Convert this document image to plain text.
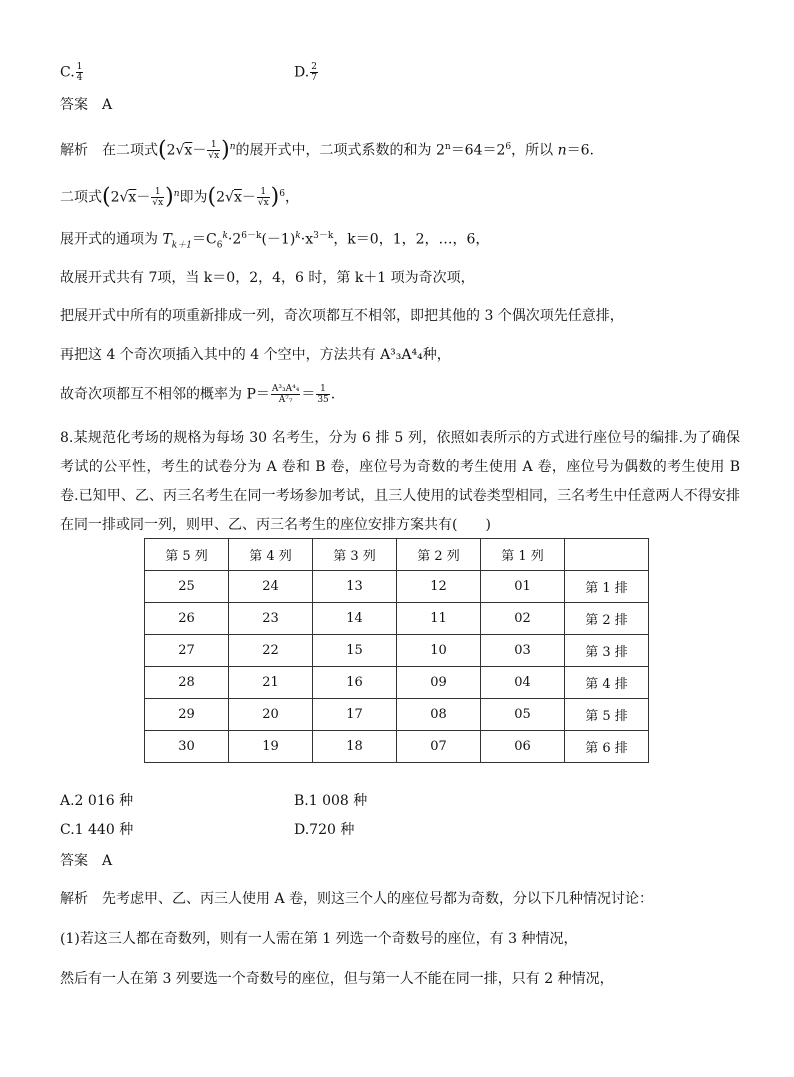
C. $\frac{1}{4}$	D. $\frac{2}{7}$
答案 A
解析 在二项式$(2√x- \frac{1}{√x} )^n$的展开式中，二项式系数的和为 $2^n=64=2^6$，所以 n＝6.
二项式$(2√x- \frac{1}{√x} )^n$即为$(2√x- \frac{1}{√x} )^6$，
展开式的通项为 $T_{k+1}=C_6^k\cdot 2^{6-k}(-1)^k\cdot x^{3-k}$，k＝0，1，2，…，6，
故展开式共有 7项，当 k＝0，2，4，6 时，第 k＋1 项为奇次项，
把展开式中所有的项重新排成一列，奇次项都互不相邻，即把其他的 3 个偶次项先任意排，
再把这 4 个奇次项插入其中的 4 个空中，方法共有 A³₃A⁴₄种，
故奇次项都互不相邻的概率为 $P= \frac{\text{A³₃A⁴₄}}{\text{A⁷₇}} = \frac{1}{35}$ .
8.某规范化考场的规格为每场 30 名考生，分为 6 排 5 列，依照如表所示的方式进行座位号的编排.为了确保考试的公平性，考生的试卷分为 A 卷和 B 卷，座位号为奇数的考生使用 A 卷，座位号为偶数的考生使用 B 卷.已知甲、乙、丙三名考生在同一考场参加考试，且三人使用的试卷类型相同，三名考生中任意两人不得安排在同一排或同一列，则甲、乙、丙三名考生的座位安排方案共有(　　)
第 5 列	第 4 列	第 3 列	第 2 列	第 1 列	
25	24	13	12	01	第 1 排
26	23	14	11	02	第 2 排
27	22	15	10	03	第 3 排
28	21	16	09	04	第 4 排
29	20	17	08	05	第 5 排
30	19	18	07	06	第 6 排
A.2 016 种	B.1 008 种
C.1 440 种	D.720 种
答案 A
解析　先考虑甲、乙、丙三人使用 A 卷，则这三个人的座位号都为奇数，分以下几种情况讨论：
(1)若这三人都在奇数列，则有一人需在第 1 列选一个奇数号的座位，有 3 种情况，
然后有一人在第 3 列要选一个奇数号的座位，但与第一人不能在同一排，只有 2 种情况，
